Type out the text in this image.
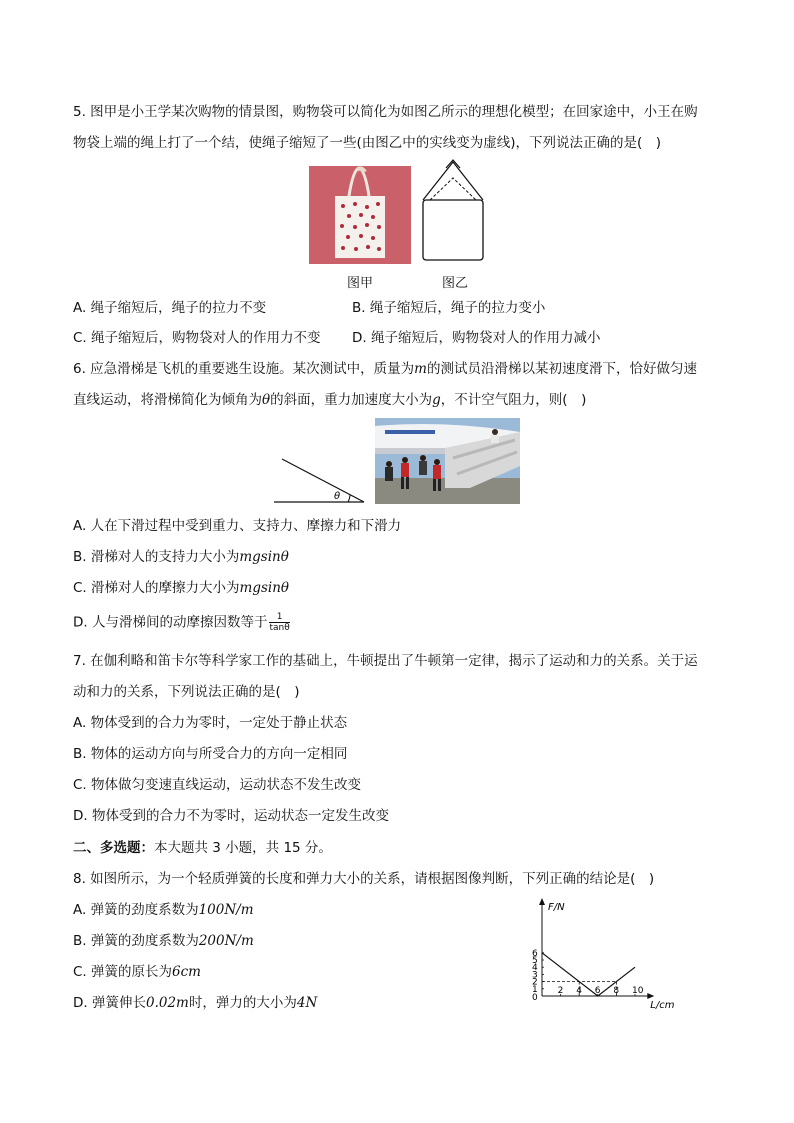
5. 图甲是小王学某次购物的情景图，购物袋可以简化为如图乙所示的理想化模型；在回家途中，小王在购
物袋上端的绳上打了一个结，使绳子缩短了一些(由图乙中的实线变为虚线)，下列说法正确的是(　)
图甲	图乙
A. 绳子缩短后，绳子的拉力不变	B. 绳子缩短后，绳子的拉力变小
C. 绳子缩短后，购物袋对人的作用力不变 D. 绳子缩短后，购物袋对人的作用力减小
6. 应急滑梯是飞机的重要逃生设施。某次测试中，质量为m的测试员沿滑梯以某初速度滑下，恰好做匀速
直线运动，将滑梯简化为倾角为θ的斜面，重力加速度大小为g，不计空气阻力，则(　)
θ
A. 人在下滑过程中受到重力、支持力、摩擦力和下滑力
B. 滑梯对人的支持力大小为mgsinθ
C. 滑梯对人的摩擦力大小为mgsinθ
D. 人与滑梯间的动摩擦因数等于 $\frac{1}{\tan\theta}$
7. 在伽利略和笛卡尔等科学家工作的基础上，牛顿提出了牛顿第一定律，揭示了运动和力的关系。关于运
动和力的关系，下列说法正确的是(　)
A. 物体受到的合力为零时，一定处于静止状态
B. 物体的运动方向与所受合力的方向一定相同
C. 物体做匀变速直线运动，运动状态不发生改变
D. 物体受到的合力不为零时，运动状态一定发生改变
二、多选题：本大题共 3 小题，共 15 分。
8. 如图所示，为一个轻质弹簧的长度和弹力大小的关系，请根据图像判断，下列正确的结论是(　)
A. 弹簧的劲度系数为100N/m
B. 弹簧的劲度系数为200N/m
C. 弹簧的原长为6cm
D. 弹簧伸长0.02m时，弹力的大小为4N
F/N
L/cm
0
2 4 6 8 10
1
2
3
4
5
6
